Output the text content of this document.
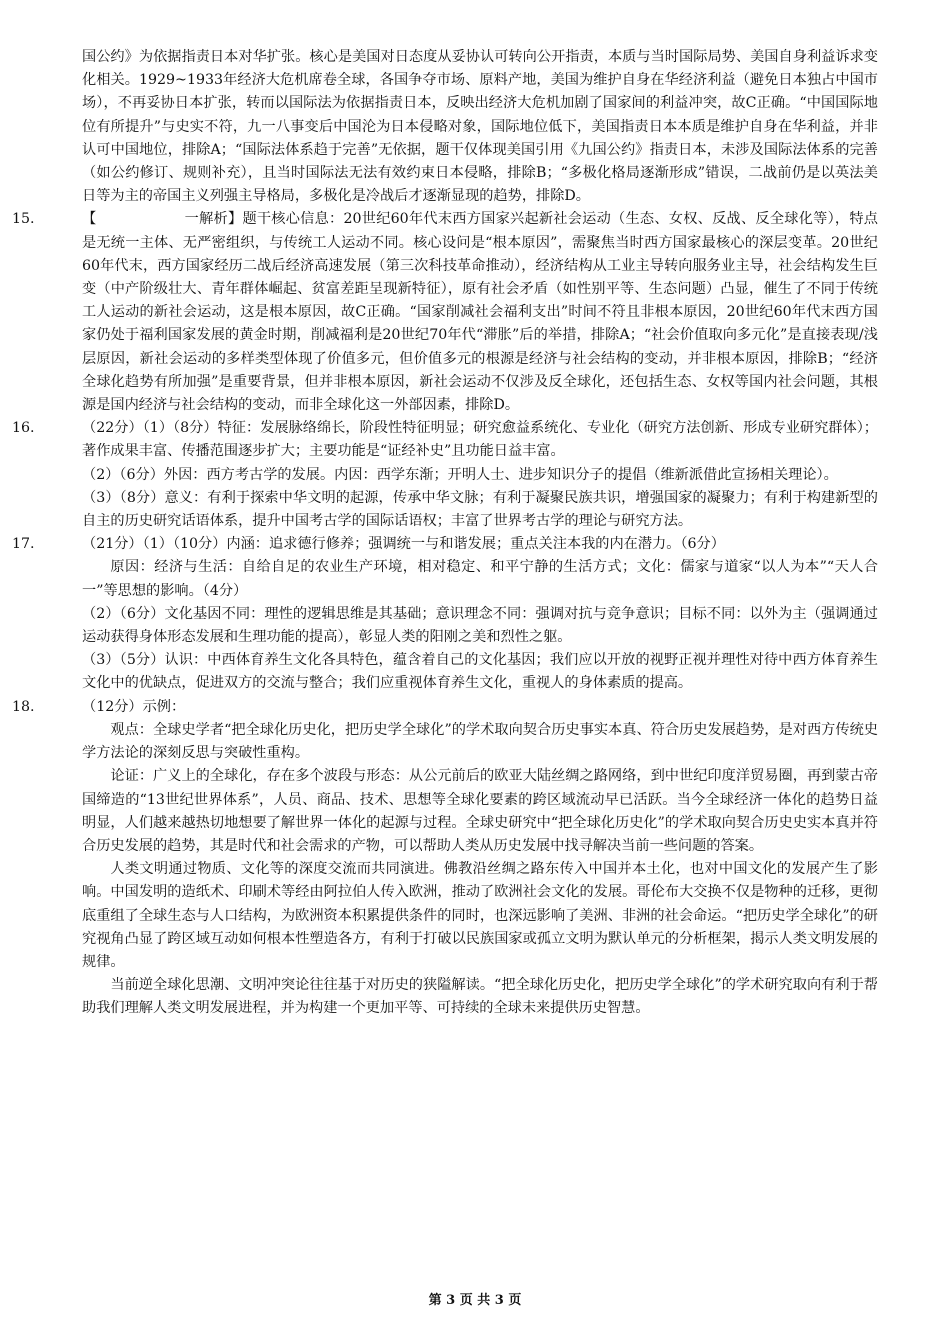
国公约》为依据指责日本对华扩张。核心是美国对日态度从妥协认可转向公开指责，本质与当时国际局势、美国自身利益诉求变化相关。1929~1933年经济大危机席卷全球，各国争夺市场、原料产地，美国为维护自身在华经济利益（避免日本独占中国市场），不再妥协日本扩张，转而以国际法为依据指责日本，反映出经济大危机加剧了国家间的利益冲突，故C正确。“中国国际地位有所提升”与史实不符，九一八事变后中国沦为日本侵略对象，国际地位低下，美国指责日本本质是维护自身在华利益，并非认可中国地位，排除A；“国际法体系趋于完善”无依据，题干仅体现美国引用《九国公约》指责日本，未涉及国际法体系的完善（如公约修订、规则补充），且当时国际法无法有效约束日本侵略，排除B；“多极化格局逐渐形成”错误，二战前仍是以英法美日等为主的帝国主义列强主导格局，多极化是冷战后才逐渐显现的趋势，排除D。

15.	【	一解析】题干核心信息：20世纪60年代末西方国家兴起新社会运动（生态、女权、反战、反全球化等），特点是无统一主体、无严密组织，与传统工人运动不同。核心设问是“根本原因”，需聚焦当时西方国家最核心的深层变革。20世纪60年代末，西方国家经历二战后经济高速发展（第三次科技革命推动），经济结构从工业主导转向服务业主导，社会结构发生巨变（中产阶级壮大、青年群体崛起、贫富差距呈现新特征），原有社会矛盾（如性别平等、生态问题）凸显，催生了不同于传统工人运动的新社会运动，这是根本原因，故C正确。“国家削减社会福利支出”时间不符且非根本原因，20世纪60年代末西方国家仍处于福利国家发展的黄金时期，削减福利是20世纪70年代“滞胀”后的举措，排除A；“社会价值取向多元化”是直接表现/浅层原因，新社会运动的多样类型体现了价值多元，但价值多元的根源是经济与社会结构的变动，并非根本原因，排除B；“经济全球化趋势有所加强”是重要背景，但并非根本原因，新社会运动不仅涉及反全球化，还包括生态、女权等国内社会问题，其根源是国内经济与社会结构的变动，而非全球化这一外部因素，排除D。

16.	（22分）（1）（8分）特征：发展脉络绵长，阶段性特征明显；研究愈益系统化、专业化（研究方法创新、形成专业研究群体）；著作成果丰富、传播范围逐步扩大；主要功能是“证经补史”且功能日益丰富。

（2）（6分）外因：西方考古学的发展。内因：西学东渐；开明人士、进步知识分子的提倡（维新派借此宣扬相关理论）。

（3）（8分）意义：有利于探索中华文明的起源，传承中华文脉；有利于凝聚民族共识，增强国家的凝聚力；有利于构建新型的自主的历史研究话语体系，提升中国考古学的国际话语权；丰富了世界考古学的理论与研究方法。

17.	（21分）（1）（10分）内涵：追求德行修养；强调统一与和谐发展；重点关注本我的内在潜力。（6分）

原因：经济与生活：自给自足的农业生产环境，相对稳定、和平宁静的生活方式；文化：儒家与道家“以人为本”“天人合一”等思想的影响。（4分）

（2）（6分）文化基因不同：理性的逻辑思维是其基础；意识理念不同：强调对抗与竞争意识；目标不同：以外为主（强调通过运动获得身体形态发展和生理功能的提高），彰显人类的阳刚之美和烈性之躯。

（3）（5分）认识：中西体育养生文化各具特色，蕴含着自己的文化基因；我们应以开放的视野正视并理性对待中西方体育养生文化中的优缺点，促进双方的交流与整合；我们应重视体育养生文化，重视人的身体素质的提高。

18.	（12分）示例：

观点：全球史学者“把全球化历史化，把历史学全球化”的学术取向契合历史事实本真、符合历史发展趋势，是对西方传统史学方法论的深刻反思与突破性重构。

论证：广义上的全球化，存在多个波段与形态：从公元前后的欧亚大陆丝绸之路网络，到中世纪印度洋贸易圈，再到蒙古帝国缔造的“13世纪世界体系”，人员、商品、技术、思想等全球化要素的跨区域流动早已活跃。当今全球经济一体化的趋势日益明显，人们越来越热切地想要了解世界一体化的起源与过程。全球史研究中“把全球化历史化”的学术取向契合历史史实本真并符合历史发展的趋势，其是时代和社会需求的产物，可以帮助人类从历史发展中找寻解决当前一些问题的答案。

人类文明通过物质、文化等的深度交流而共同演进。佛教沿丝绸之路东传入中国并本土化，也对中国文化的发展产生了影响。中国发明的造纸术、印刷术等经由阿拉伯人传入欧洲，推动了欧洲社会文化的发展。哥伦布大交换不仅是物种的迁移，更彻底重组了全球生态与人口结构，为欧洲资本积累提供条件的同时，也深远影响了美洲、非洲的社会命运。“把历史学全球化”的研究视角凸显了跨区域互动如何根本性塑造各方，有利于打破以民族国家或孤立文明为默认单元的分析框架，揭示人类文明发展的规律。

当前逆全球化思潮、文明冲突论往往基于对历史的狭隘解读。“把全球化历史化，把历史学全球化”的学术研究取向有利于帮助我们理解人类文明发展进程，并为构建一个更加平等、可持续的全球未来提供历史智慧。

第 3 页 共 3 页
